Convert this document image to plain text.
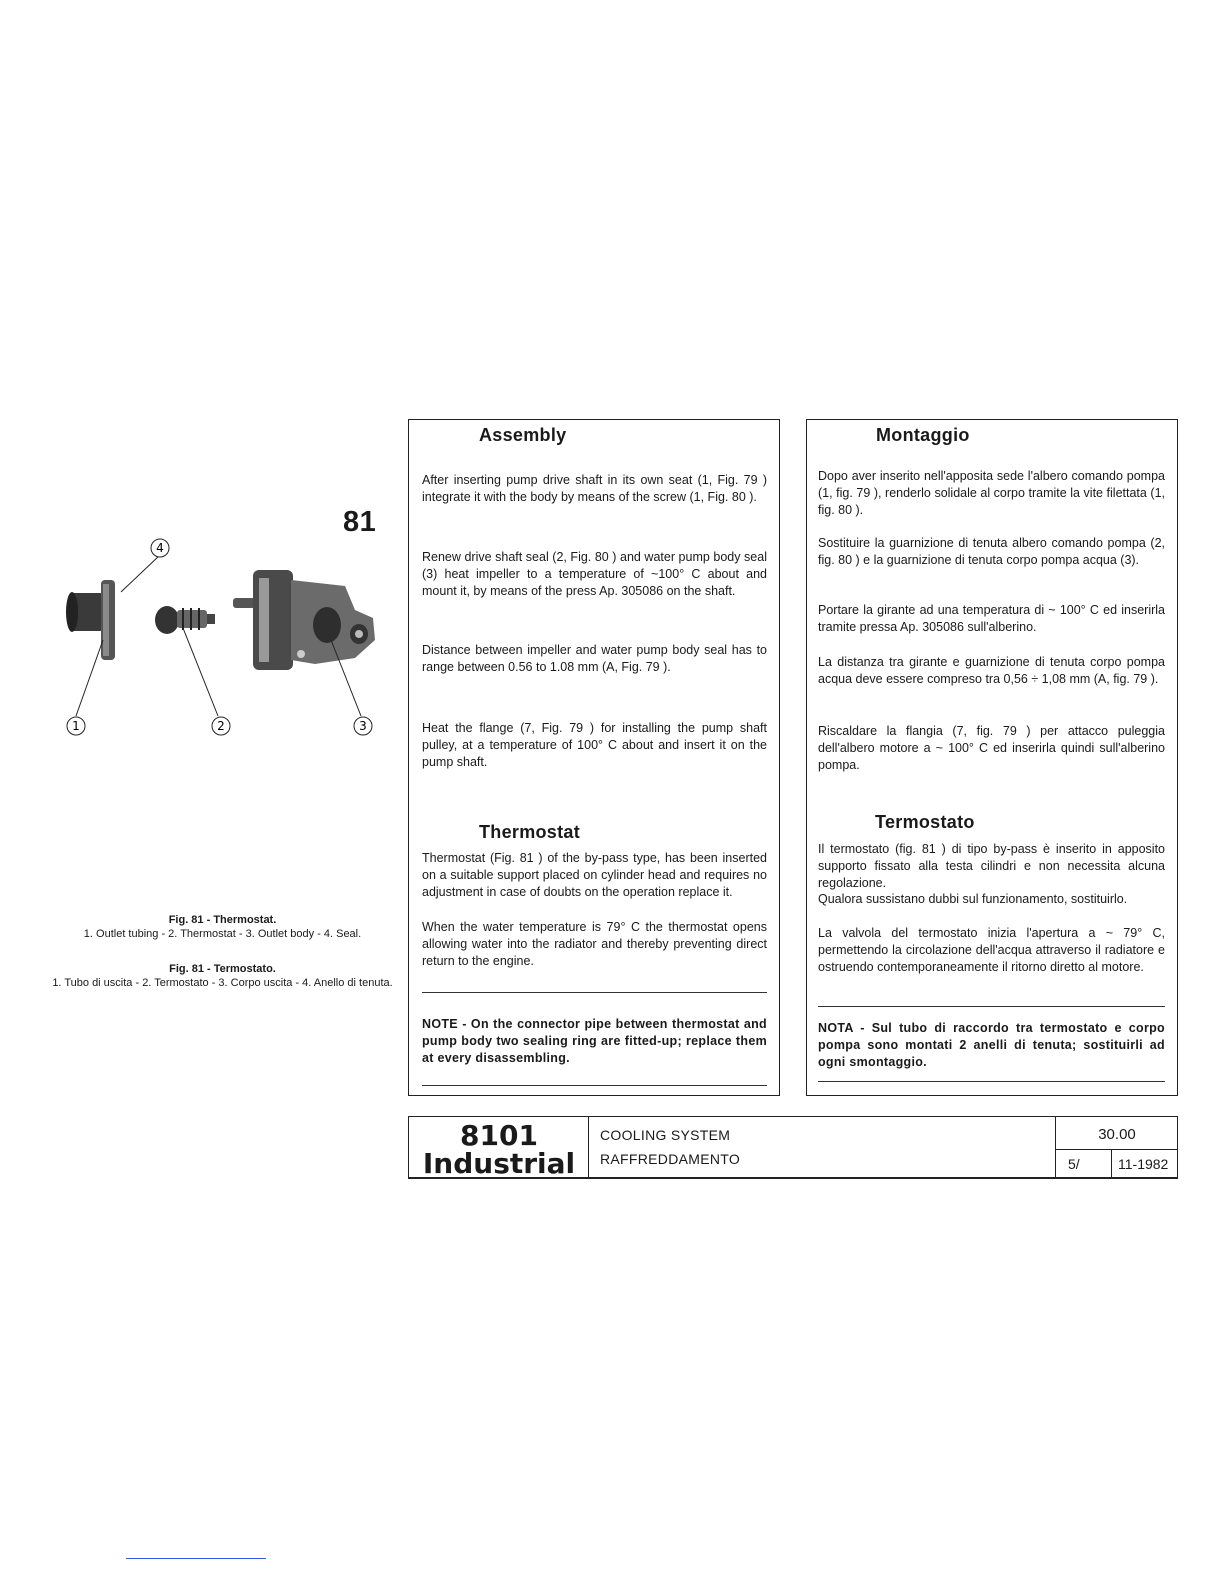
81
4
1	2	3
Fig. 81 - Thermostat.
1. Outlet tubing - 2. Thermostat - 3. Outlet body - 4. Seal.
Fig. 81 - Termostato.
1. Tubo di uscita - 2. Termostato - 3. Corpo uscita - 4. Anello di tenuta.
Assembly
After inserting pump drive shaft in its own seat (1, Fig. 79 ) integrate it with the body by means of the screw (1, Fig. 80 ).
Renew drive shaft seal (2, Fig. 80 ) and water pump body seal (3) heat impeller to a temperature of ~100° C about and mount it, by means of the press Ap. 305086 on the shaft.
Distance between impeller and water pump body seal has to range between 0.56 to 1.08 mm (A, Fig. 79 ).
Heat the flange (7, Fig. 79 ) for installing the pump shaft pulley, at a temperature of 100° C about and insert it on the pump shaft.
Thermostat
Thermostat (Fig. 81 ) of the by-pass type, has been inserted on a suitable support placed on cylinder head and requires no adjustment in case of doubts on the operation replace it.
When the water temperature is 79° C the thermostat opens allowing water into the radiator and thereby preventing direct return to the engine.
NOTE - On the connector pipe between thermostat and pump body two sealing ring are fitted-up; replace them at every disassembling.
Montaggio
Dopo aver inserito nell'apposita sede l'albero comando pompa (1, fig. 79 ), renderlo solidale al corpo tramite la vite filettata (1, fig. 80 ).
Sostituire la guarnizione di tenuta albero comando pompa (2, fig. 80 ) e la guarnizione di tenuta corpo pompa acqua (3).
Portare la girante ad una temperatura di ~ 100° C ed inserirla tramite pressa Ap. 305086 sull'alberino.
La distanza tra girante e guarnizione di tenuta corpo pompa acqua deve essere compreso tra 0,56 ÷ 1,08 mm (A, fig. 79 ).
Riscaldare la flangia (7, fig. 79 ) per attacco puleggia dell'albero motore a ~ 100° C ed inserirla quindi sull'alberino pompa.
Termostato
Il termostato (fig. 81 ) di tipo by-pass è inserito in apposito supporto fissato alla testa cilindri e non necessita alcuna regolazione.
Qualora sussistano dubbi sul funzionamento, sostituirlo.
La valvola del termostato inizia l'apertura a ~ 79° C, permettendo la circolazione dell'acqua attraverso il radiatore e ostruendo contemporaneamente il ritorno diretto al motore.
NOTA - Sul tubo di raccordo tra termostato e corpo pompa sono montati 2 anelli di tenuta; sostituirli ad ogni smontaggio.
8101
Industrial
COOLING SYSTEM
RAFFREDDAMENTO
30.00
5/	11-1982
